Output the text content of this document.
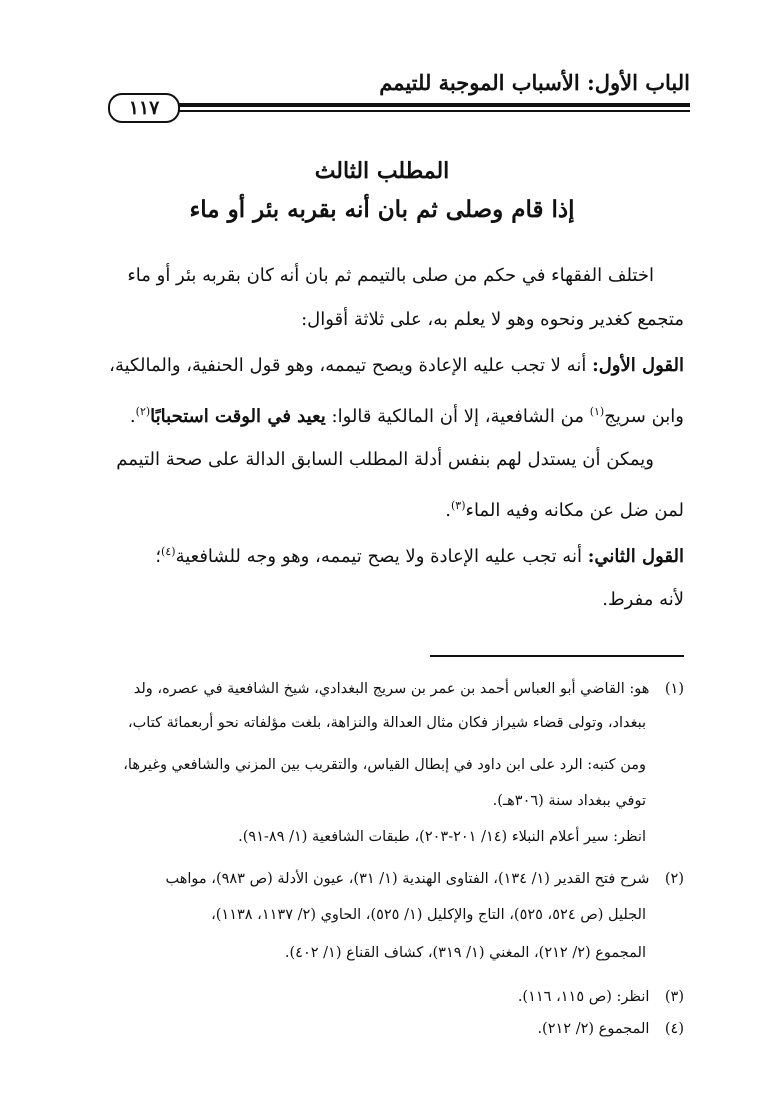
الباب الأول: الأسباب الموجبة للتيمم
١١٧
المطلب الثالث
إذا قام وصلى ثم بان أنه بقربه بئر أو ماء
اختلف الفقهاء في حكم من صلى بالتيمم ثم بان أنه كان بقربه بئر أو ماء
متجمع كغدير ونحوه وهو لا يعلم به، على ثلاثة أقوال:
القول الأول: أنه لا تجب عليه الإعادة ويصح تيممه، وهو قول الحنفية، والمالكية،
وابن سريج$^{(١)}$ من الشافعية، إلا أن المالكية قالوا: يعيد في الوقت استحبابًا$^{(٢)}$.
ويمكن أن يستدل لهم بنفس أدلة المطلب السابق الدالة على صحة التيمم
لمن ضل عن مكانه وفيه الماء$^{(٣)}$.
القول الثاني: أنه تجب عليه الإعادة ولا يصح تيممه، وهو وجه للشافعية$^{(٤)}$؛
لأنه مفرط.
(١) هو: القاضي أبو العباس أحمد بن عمر بن سريج البغدادي، شيخ الشافعية في عصره، ولد
ببغداد، وتولى قضاء شيراز فكان مثال العدالة والنزاهة، بلغت مؤلفاته نحو أربعمائة كتاب،
ومن كتبه: الرد على ابن داود في إبطال القياس، والتقريب بين المزني والشافعي وغيرها،
توفي ببغداد سنة (٣٠٦هـ).
انظر: سير أعلام النبلاء (١٤/ ٢٠١-٢٠٣)، طبقات الشافعية (١/ ٨٩-٩١).
(٢) شرح فتح القدير (١/ ١٣٤)، الفتاوى الهندية (١/ ٣١)، عيون الأدلة (ص ٩٨٣)، مواهب
الجليل (ص ٥٢٤، ٥٢٥)، التاج والإكليل (١/ ٥٢٥)، الحاوي (٢/ ١١٣٧، ١١٣٨)،
المجموع (٢/ ٢١٢)، المغني (١/ ٣١٩)، كشاف القناع (١/ ٤٠٢).
(٣) انظر: (ص ١١٥، ١١٦).
(٤) المجموع (٢/ ٢١٢).
